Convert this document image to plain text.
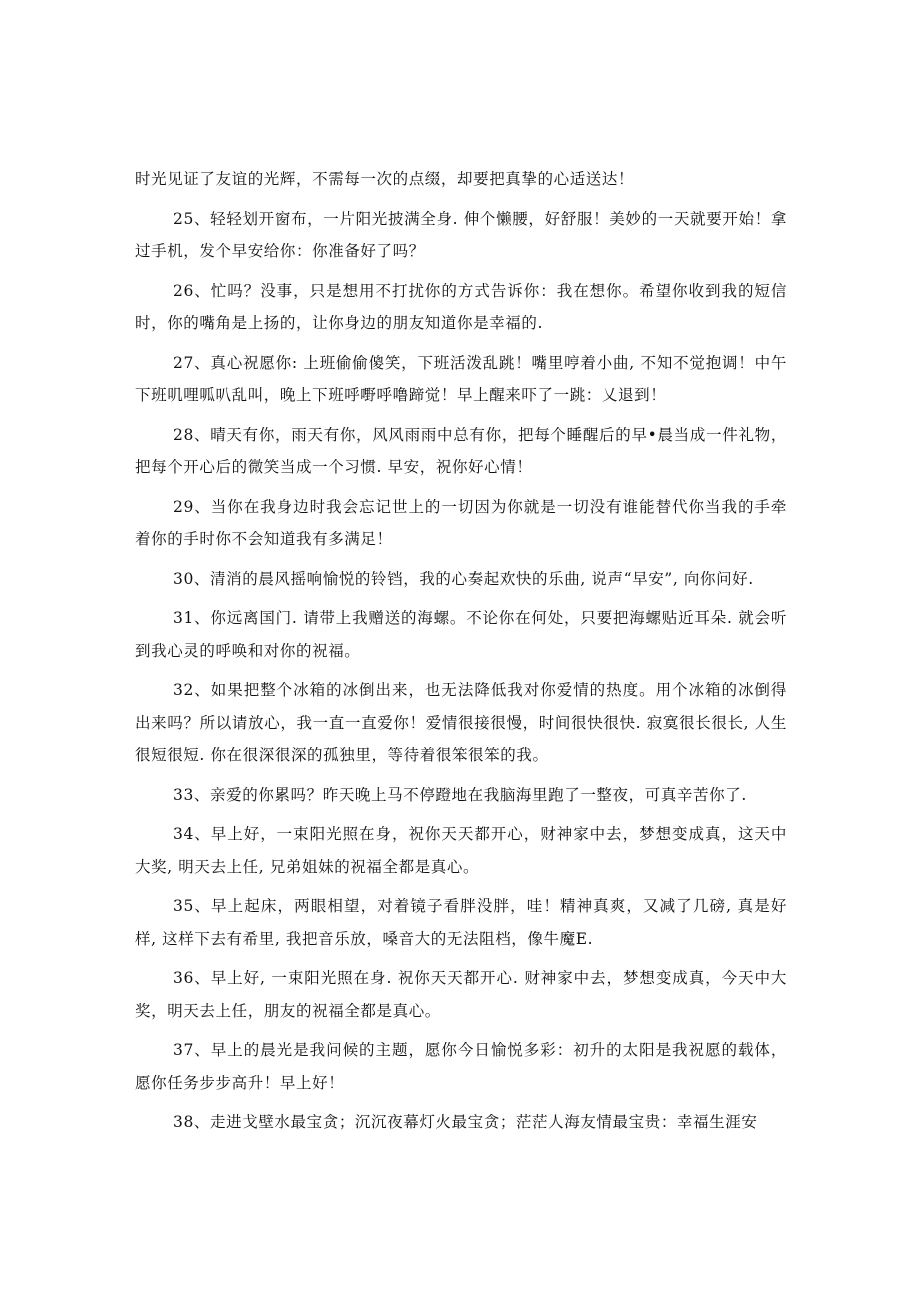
时光见证了友谊的光辉，不需每一次的点缀，却要把真挚的心适送达！

25、轻轻划开窗布，一片阳光披满全身. 伸个懒腰，好舒服！美妙的一天就要开始！拿过手机，发个早安给你：你准备好了吗？

26、忙吗？没事，只是想用不打扰你的方式告诉你：我在想你。希望你收到我的短信时，你的嘴角是上扬的，让你身边的朋友知道你是幸福的.

27、真心祝愿你: 上班偷偷傻笑，下班活泼乱跳！嘴里哼着小曲, 不知不觉抱调！中午下班叽哩呱叭乱叫，晚上下班呼嘢呼噜蹄觉！早上醒来吓了一跳：乂退到！

28、晴天有你，雨天有你，风风雨雨中总有你，把每个睡醒后的早•晨当成一件礼物，把每个开心后的微笑当成一个习惯. 早安，祝你好心情！

29、当你在我身边时我会忘记世上的一切因为你就是一切没有谁能替代你当我的手牵着你的手时你不会知道我有多满足！

30、清消的晨风摇响愉悦的铃铛，我的心奏起欢快的乐曲, 说声“早安”, 向你问好.

31、你远离国门. 请带上我赠送的海螺。不论你在何处，只要把海螺贴近耳朵. 就会听到我心灵的呼唤和对你的祝福。

32、如果把整个冰箱的冰倒出来，也无法降低我对你爱情的热度。用个冰箱的冰倒得出来吗？所以请放心，我一直一直爱你！爱情很接很慢，时间很快很快. 寂寞很长很长, 人生很短很短. 你在很深很深的孤独里，等待着很笨很笨的我。

33、亲爱的你累吗？昨天晚上马不停蹬地在我脑海里跑了一整夜，可真辛苦你了.

34、早上好，一束阳光照在身，祝你天天都开心，财神家中去，梦想变成真，这天中大奖, 明天去上任, 兄弟姐妹的祝福全都是真心。

35、早上起床，两眼相望，对着镜子看胖没胖，哇！精神真爽，又减了几磅, 真是好样, 这样下去有希里, 我把音乐放，嗓音大的无法阻档，像牛魔E.

36、早上好, 一束阳光照在身. 祝你天天都开心. 财神家中去，梦想变成真，今天中大奖，明天去上任，朋友的祝福全都是真心。

37、早上的晨光是我问候的主题，愿你今日愉悦多彩：初升的太阳是我祝愿的载体，愿你任务步步高升！早上好！

38、走进戈壁水最宝贪；沉沉夜幕灯火最宝贪；茫茫人海友情最宝贵：幸福生涯安
